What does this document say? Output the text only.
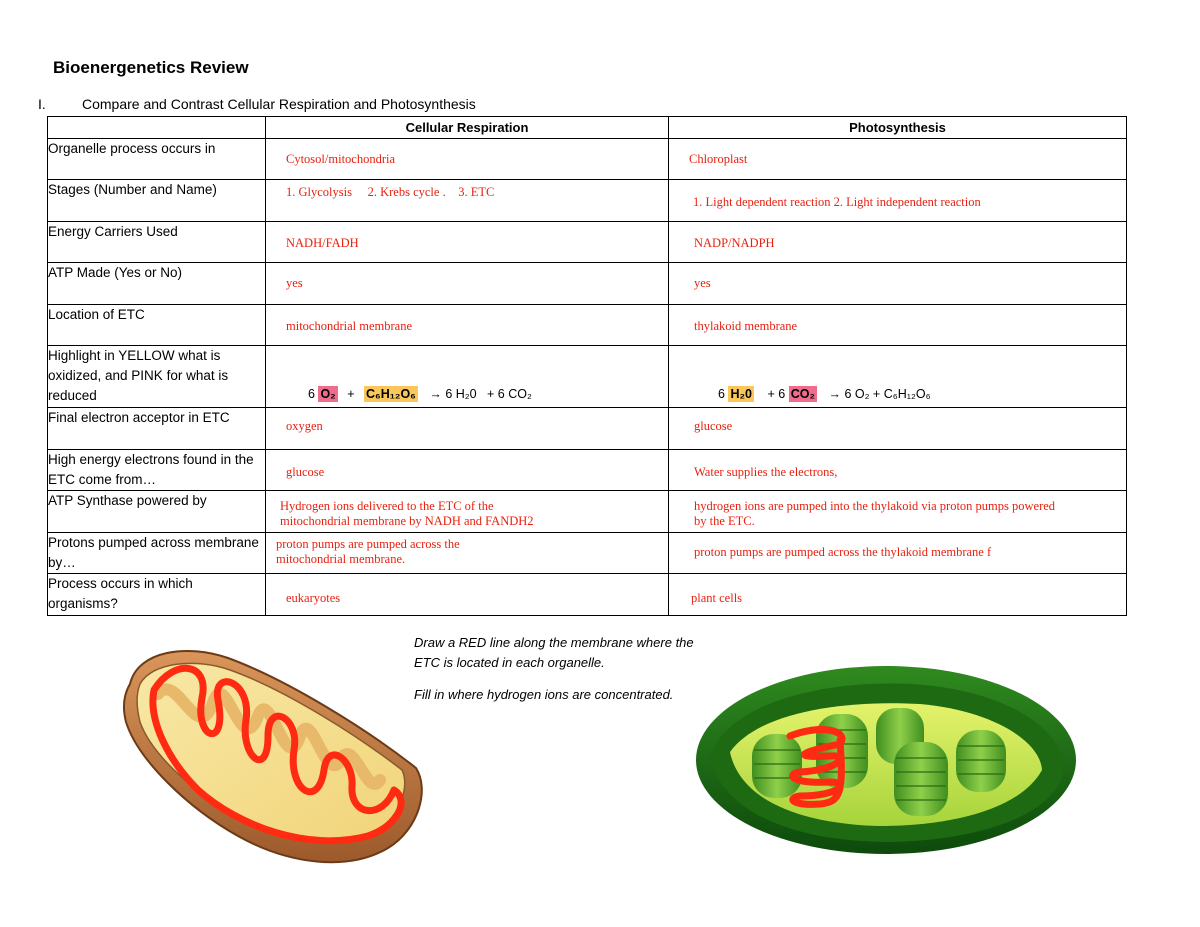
Bioenergenetics Review
I.	Compare and Contrast Cellular Respiration and Photosynthesis
	Cellular Respiration	Photosynthesis
Organelle process occurs in	Cytosol/mitochondria	Chloroplast

Stages (Number and Name)	1. Glycolysis     2. Krebs cycle .    3. ETC	1. Light dependent reaction 2. Light independent reaction

Energy Carriers Used	NADH/FADH	NADP/NADPH

ATP Made (Yes or No)	yes	yes

Location of ETC	mitochondrial membrane	thylakoid membrane

Highlight in YELLOW what is oxidized, and PINK for what is reduced	6 O₂ + C₆H₁₂O₆ → 6 H₂0   + 6 CO₂	6 H₂0 + 6 CO₂ → 6 O₂ + C₆H₁₂O₆

Final electron acceptor in ETC	oxygen	glucose

High energy electrons found in the ETC come from…	glucose	Water supplies the electrons,

ATP Synthase powered by	Hydrogen ions delivered to the ETC of the mitochondrial membrane by NADH and FANDH2	hydrogen ions are pumped into the thylakoid via proton pumps powered by the ETC.

Protons pumped across membrane by…	proton pumps are pumped across the mitochondrial membrane.	proton pumps are pumped across the thylakoid membrane f

Process occurs in which organisms?	eukaryotes	plant cells

Draw a RED line along the membrane where the ETC is located in each organelle.

Fill in where hydrogen ions are concentrated.
